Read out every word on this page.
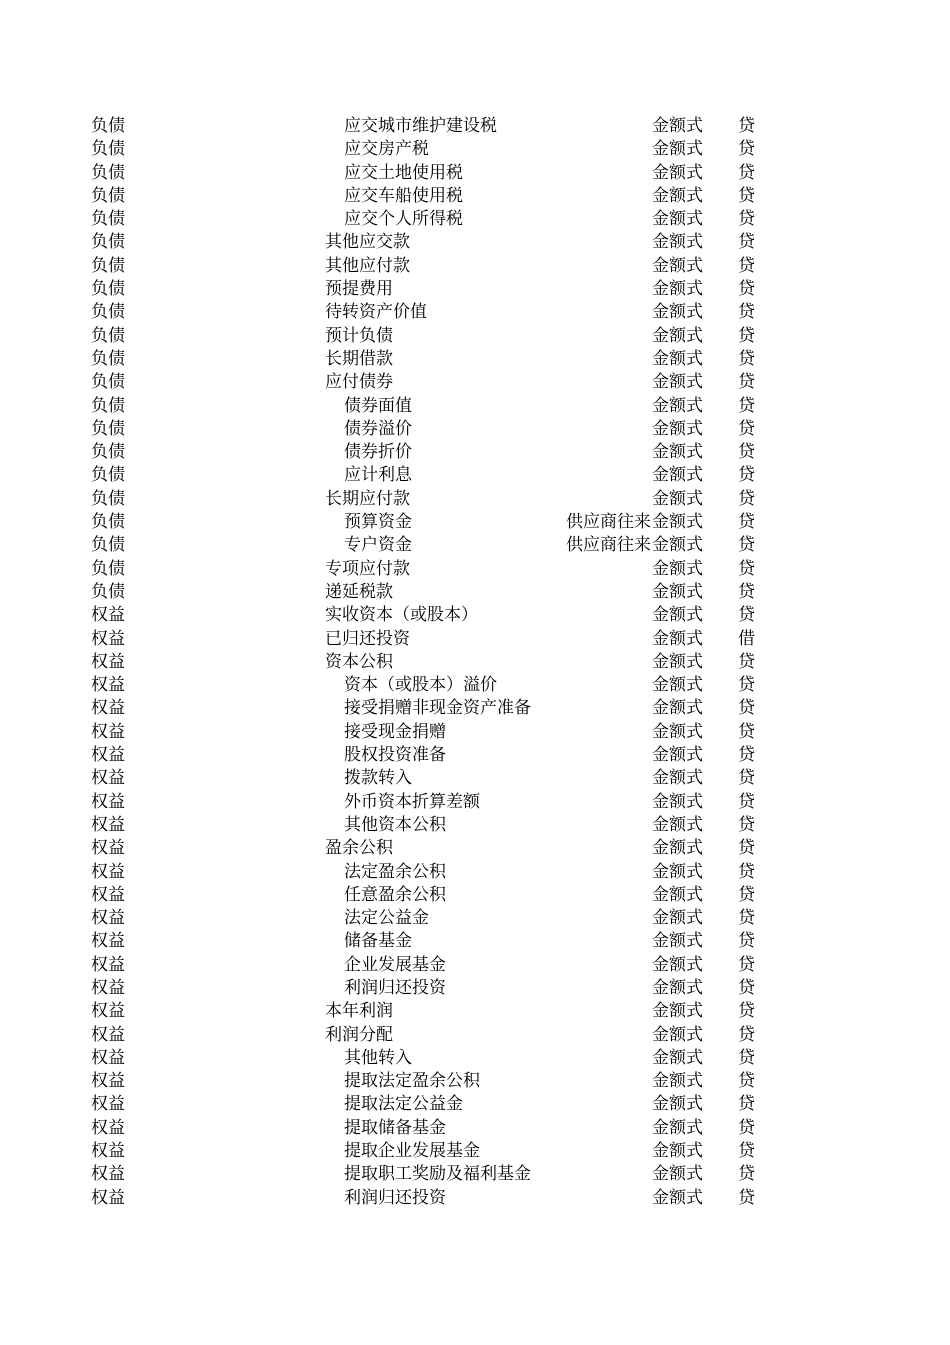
负债	应交城市维护建设税	金额式 贷
负债	应交房产税	金额式 贷
负债	应交土地使用税	金额式 贷
负债	应交车船使用税	金额式 贷
负债	应交个人所得税	金额式 贷
负债	其他应交款	金额式 贷
负债	其他应付款	金额式 贷
负债	预提费用	金额式 贷
负债	待转资产价值	金额式 贷
负债	预计负债	金额式 贷
负债	长期借款	金额式 贷
负债	应付债券	金额式 贷
负债	债券面值	金额式 贷
负债	债券溢价	金额式 贷
负债	债券折价	金额式 贷
负债	应计利息	金额式 贷
负债	长期应付款	金额式 贷
负债	预算资金	供应商往来 金额式 贷
负债	专户资金	供应商往来 金额式 贷
负债	专项应付款	金额式 贷
负债	递延税款	金额式 贷
权益	实收资本（或股本）	金额式 贷
权益	已归还投资	金额式 借
权益	资本公积	金额式 贷
权益	资本（或股本）溢价	金额式 贷
权益	接受捐赠非现金资产准备	金额式 贷
权益	接受现金捐赠	金额式 贷
权益	股权投资准备	金额式 贷
权益	拨款转入	金额式 贷
权益	外币资本折算差额	金额式 贷
权益	其他资本公积	金额式 贷
权益	盈余公积	金额式 贷
权益	法定盈余公积	金额式 贷
权益	任意盈余公积	金额式 贷
权益	法定公益金	金额式 贷
权益	储备基金	金额式 贷
权益	企业发展基金	金额式 贷
权益	利润归还投资	金额式 贷
权益	本年利润	金额式 贷
权益	利润分配	金额式 贷
权益	其他转入	金额式 贷
权益	提取法定盈余公积	金额式 贷
权益	提取法定公益金	金额式 贷
权益	提取储备基金	金额式 贷
权益	提取企业发展基金	金额式 贷
权益	提取职工奖励及福利基金	金额式 贷
权益	利润归还投资	金额式 贷
